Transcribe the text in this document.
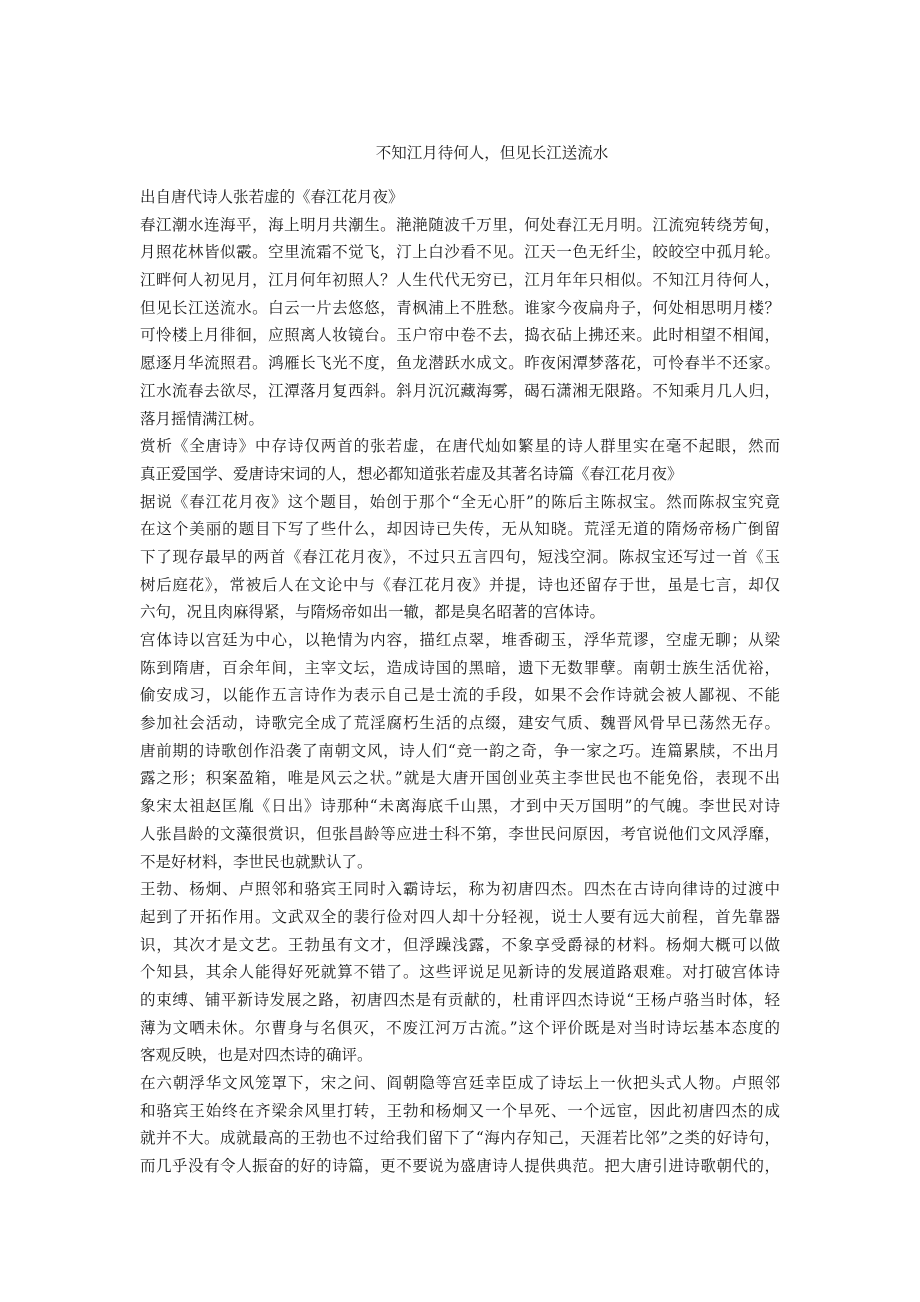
不知江月待何人，但见长江送流水
出自唐代诗人张若虚的《春江花月夜》
春江潮水连海平，海上明月共潮生。滟滟随波千万里，何处春江无月明。江流宛转绕芳甸，
月照花林皆似霰。空里流霜不觉飞，汀上白沙看不见。江天一色无纤尘，皎皎空中孤月轮。
江畔何人初见月，江月何年初照人？人生代代无穷已，江月年年只相似。不知江月待何人，
但见长江送流水。白云一片去悠悠，青枫浦上不胜愁。谁家今夜扁舟子，何处相思明月楼？
可怜楼上月徘徊，应照离人妆镜台。玉户帘中卷不去，捣衣砧上拂还来。此时相望不相闻，
愿逐月华流照君。鸿雁长飞光不度，鱼龙潜跃水成文。昨夜闲潭梦落花，可怜春半不还家。
江水流春去欲尽，江潭落月复西斜。斜月沉沉藏海雾，碣石潇湘无限路。不知乘月几人归，
落月摇情满江树。
赏析《全唐诗》中存诗仅两首的张若虚，在唐代灿如繁星的诗人群里实在毫不起眼，然而
真正爱国学、爱唐诗宋词的人，想必都知道张若虚及其著名诗篇《春江花月夜》
据说《春江花月夜》这个题目，始创于那个“全无心肝”的陈后主陈叔宝。然而陈叔宝究竟
在这个美丽的题目下写了些什么，却因诗已失传，无从知晓。荒淫无道的隋炀帝杨广倒留
下了现存最早的两首《春江花月夜》，不过只五言四句，短浅空洞。陈叔宝还写过一首《玉
树后庭花》，常被后人在文论中与《春江花月夜》并提，诗也还留存于世，虽是七言，却仅
六句，况且肉麻得紧，与隋炀帝如出一辙，都是臭名昭著的宫体诗。
宫体诗以宫廷为中心，以艳情为内容，描红点翠，堆香砌玉，浮华荒谬，空虚无聊；从梁
陈到隋唐，百余年间，主宰文坛，造成诗国的黑暗，遗下无数罪孽。南朝士族生活优裕，
偷安成习，以能作五言诗作为表示自己是士流的手段，如果不会作诗就会被人鄙视、不能
参加社会活动，诗歌完全成了荒淫腐朽生活的点缀，建安气质、魏晋风骨早已荡然无存。
唐前期的诗歌创作沿袭了南朝文风，诗人们“竞一韵之奇，争一家之巧。连篇累牍，不出月
露之形；积案盈箱，唯是风云之状。”就是大唐开国创业英主李世民也不能免俗，表现不出
象宋太祖赵匡胤《日出》诗那种“未离海底千山黑，才到中天万国明”的气魄。李世民对诗
人张昌龄的文藻很赏识，但张昌龄等应进士科不第，李世民问原因，考官说他们文风浮靡，
不是好材料，李世民也就默认了。
王勃、杨炯、卢照邻和骆宾王同时入霸诗坛，称为初唐四杰。四杰在古诗向律诗的过渡中
起到了开拓作用。文武双全的裴行俭对四人却十分轻视，说士人要有远大前程，首先靠器
识，其次才是文艺。王勃虽有文才，但浮躁浅露，不象享受爵禄的材料。杨炯大概可以做
个知县，其余人能得好死就算不错了。这些评说足见新诗的发展道路艰难。对打破宫体诗
的束缚、铺平新诗发展之路，初唐四杰是有贡献的，杜甫评四杰诗说“王杨卢骆当时体，轻
薄为文哂未休。尔曹身与名俱灭，不废江河万古流。”这个评价既是对当时诗坛基本态度的
客观反映，也是对四杰诗的确评。
在六朝浮华文风笼罩下，宋之问、阎朝隐等宫廷幸臣成了诗坛上一伙把头式人物。卢照邻
和骆宾王始终在齐梁余风里打转，王勃和杨炯又一个早死、一个远宦，因此初唐四杰的成
就并不大。成就最高的王勃也不过给我们留下了“海内存知己，天涯若比邻”之类的好诗句，
而几乎没有令人振奋的好的诗篇，更不要说为盛唐诗人提供典范。把大唐引进诗歌朝代的，
